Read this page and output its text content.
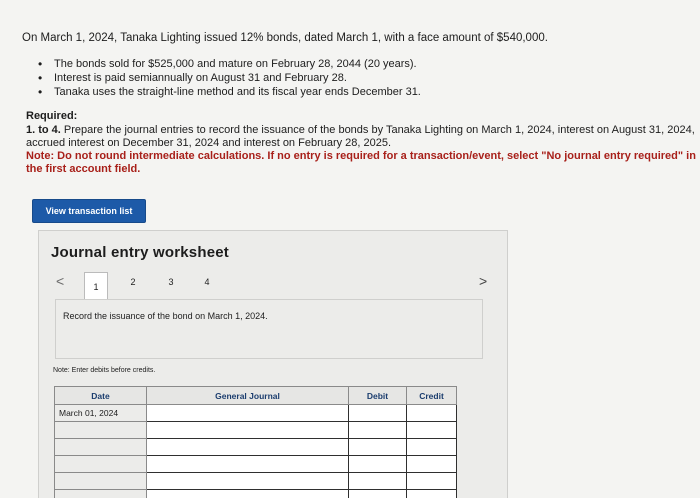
On March 1, 2024, Tanaka Lighting issued 12% bonds, dated March 1, with a face amount of $540,000.
• The bonds sold for $525,000 and mature on February 28, 2044 (20 years).
• Interest is paid semiannually on August 31 and February 28.
• Tanaka uses the straight-line method and its fiscal year ends December 31.
Required:
1. to 4. Prepare the journal entries to record the issuance of the bonds by Tanaka Lighting on March 1, 2024, interest on August 31, 2024, accrued interest on December 31, 2024 and interest on February 28, 2025.
Note: Do not round intermediate calculations. If no entry is required for a transaction/event, select "No journal entry required" in the first account field.
View transaction list
Journal entry worksheet
<	1	2	3	4	>
Record the issuance of the bond on March 1, 2024.
Note: Enter debits before credits.
Date	General Journal	Debit	Credit
March 01, 2024			
